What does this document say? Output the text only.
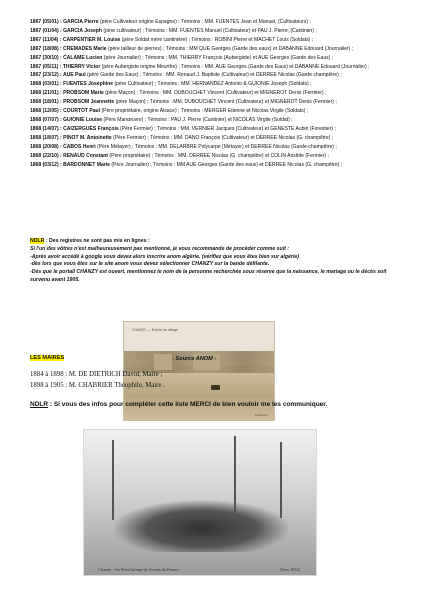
1867 (05/01) : GARCIA Pierre (père Cultivateur origine Espagne) ; Témoins : MM. FUENTES Jean et Manuel, (Cultivateurs) ;
1867 (01/04) : GARCIA Joseph (père cultivateur) ; Témoins : MM. FUENTES Manuel (Cultivateur) et PAU J. Pierre, (Cantinier) ;
1867 (11/04) : CARPENTIER M. Louise (père Soldat mère cantinière) ; Témoins : ROBINI Pierre et MACHET Louis (Soldats) ;
1867 (18/08) : CREMADES Marie (père tailleur de pierres) ; Témoins : MM QUE Georges (Garde des eaux) et DABANNE Edouard (Journalier) ;
1867 (30/10) : CALAME Lucien (père Journalier) ; Témoins : MM. THIERRY François (Aubergiste) et AUE Georges (Garde des Eaux) ;
1867 (05/11) : THIERRY Victor (père Aubergiste origine Meurthe) ; Témoins : MM. AUE Georges (Garde des Eaux) et DABANNE Edouard (Journalier) ;
1867 (23/12) : AUE Paul (père Garde des Eaux) ; Témoins : MM. Renaud J. Baptiste (Cultivateur) et DERREE Nicolas (Garde champêtre) ;
1868 (03/01) : FUENTES Joséphine (père Cultivateur) ; Témoins : MM. HERNANDEZ Antonio & GUIONIE Joseph (Soldats) ;
1868 (21/01) : PROBSOM Marie (père Maçon) ; Témoins : MM. DUBOUCHET Vincent (Cultivateur) et MIGNEROT Denis (Fermier) ;
1868 (18/01) : PROBSOM Jeannette (père Maçon) ; Témoins : MM. DUBOUCHET Vincent (Cultivateur) et MIGNEROT Denis (Fermier) ;
1868 (12/05) : COURTOT Paul (Père propriétaire, origine Alsace) ; Témoins : MERGER Etienne et Nicolas Virgile (Soldats) ;
1868 (07/07) : GUIONIE Louise (Père Manœuvre) ; Témoins : PAU J. Pierre (Cantinier) et NICOLAS Virgile (Soldat) ;
1868 (14/07) : CAIZERGUES François (Père Fermier) ; Témoins : MM. VERNIER Jacques (Cultivateur) et GENESTE Aubin (Forestier) ;
1868 (18/07) : PINOT M. Antoinette (Père Fermier) ; Témoins : MM. DANO François (Cultivateur) et DERREE Nicolas (G. champêtre) ;
1868 (20/08) : CABOS Henri (Père Métayer) ; Témoins : MM. DELARBRE Polycarpe (Métayer) et DERREE Nicolas (Garde-champêtre) ;
1868 (22/10) : RENAUD Constant (Père propriétaire) ; Témoins : MM. DERREE Nicolas (G. champêtre) et COLIN Aristide (Fermier) ;
1868 (03/12) : BARDONNET Marie (Père Journalier) ; Témoins : MM AUE Georges (Garde des eaux) et DERREE Nicolas (G. champêtre) ;
NDLR : Des registres ne sont pas mis en lignes :
Si l'un des vôtres n'est malheureusement pas mentionné, je vous recommande de procéder comme suit :
-Après avoir accédé à google vous devez alors inscrire anom algérie. (vérifiez que vous êtes bien sur algérie)
-dès lors que vous êtes sur le site anom vous devez sélectionner CHANZY sur la bande défilante.
-Dès que le portail CHANZY est ouvert, mentionnez le nom de la personne recherchée sous réserve que la naissance, le mariage ou le décès soit survenu avant 1905.
CHANZY — Entrée du village
Collection
LES MAIRES	- Source ANOM -
1884 à 1898 : M. DE DIETRICH David, Maire ;
1898 à 1905 : M. CHABRIER Théophile, Maire .
NDLR : Si vous des infos pour compléter cette liste MERCI de bien vouloir me les communiquer.
Chanzy - Un Petit Groupe de Scouts de France -	(Vers 1952)
